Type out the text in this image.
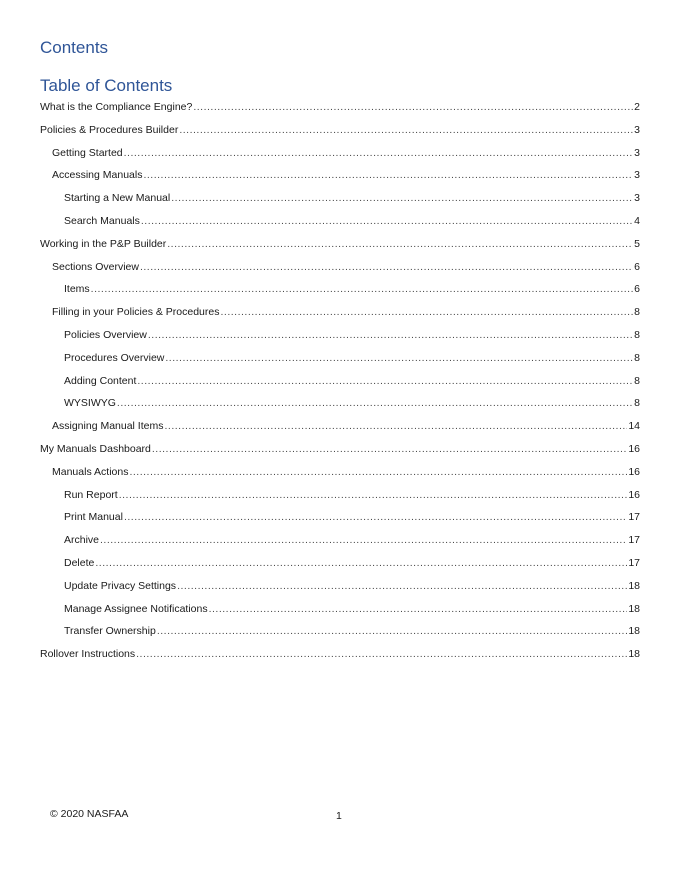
Contents
Table of Contents
What is the Compliance Engine? .....	2
Policies & Procedures Builder .....	3
Getting Started .....	3
Accessing Manuals .....	3
Starting a New Manual .....	3
Search Manuals .....	4
Working in the P&P Builder .....	5
Sections Overview .....	6
Items .....	6
Filling in your Policies & Procedures .....	8
Policies Overview .....	8
Procedures Overview .....	8
Adding Content .....	8
WYSIWYG .....	8
Assigning Manual Items .....	14
My Manuals Dashboard .....	16
Manuals Actions .....	16
Run Report .....	16
Print Manual .....	17
Archive .....	17
Delete .....	17
Update Privacy Settings .....	18
Manage Assignee Notifications .....	18
Transfer Ownership .....	18
Rollover Instructions .....	18
© 2020 NASFAA	1
